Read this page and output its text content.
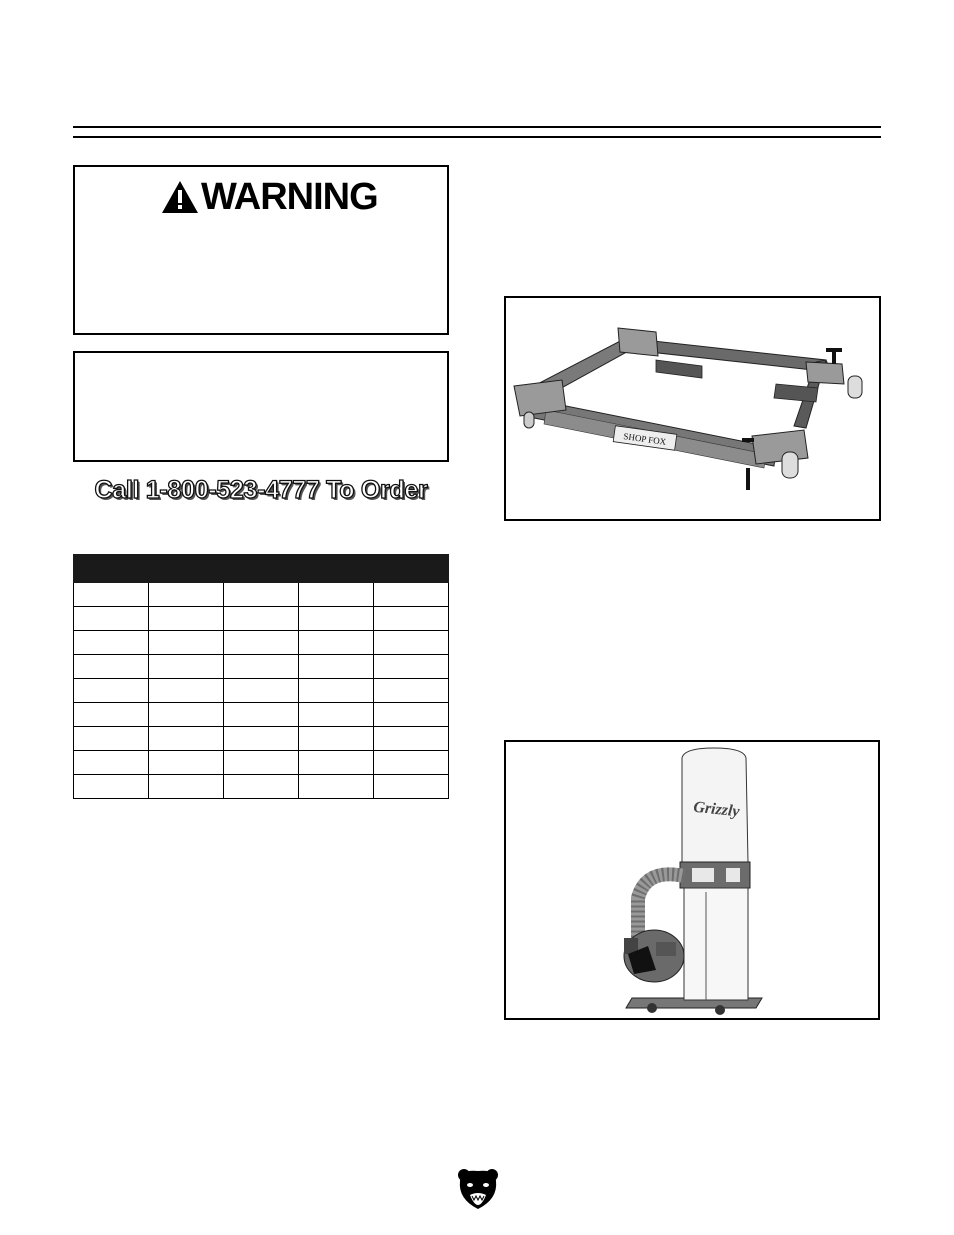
WARNING
Call 1-800-523-4777 To Order

SHOP FOX
Grizzly
